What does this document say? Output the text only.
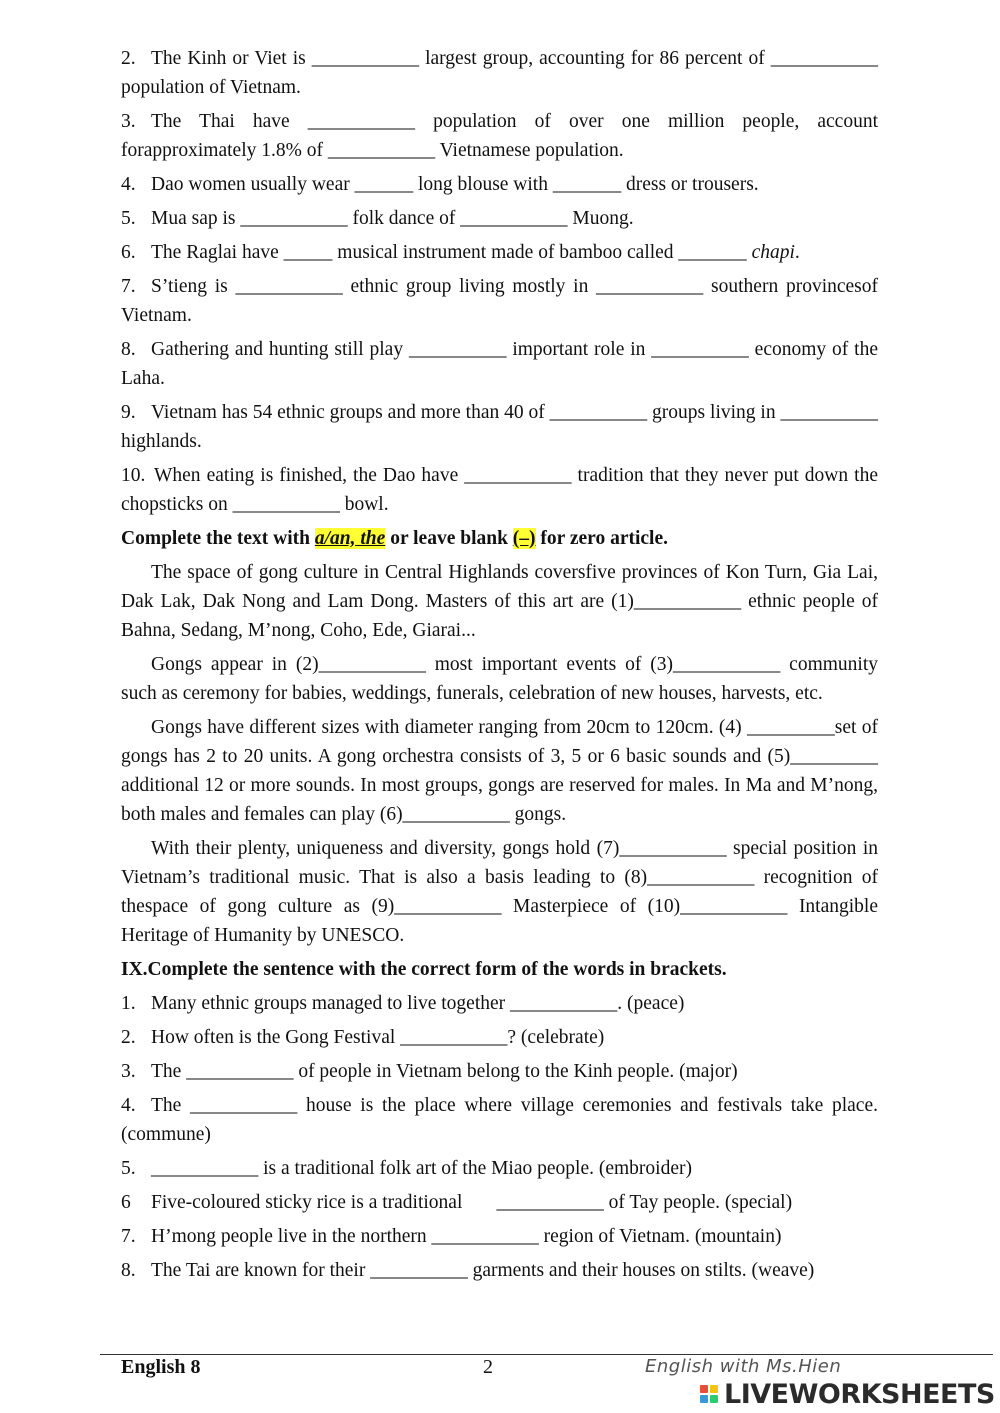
2. The Kinh or Viet is ___________ largest group, accounting for 86 percent of ___________ population of Vietnam.
3. The Thai have ___________ population of over one million people, account forapproximately 1.8% of ___________ Vietnamese population.
4. Dao women usually wear ______ long blouse with _______ dress or trousers.
5. Mua sap is ___________ folk dance of ___________ Muong.
6. The Raglai have _____ musical instrument made of bamboo called _______ chapi.
7. S’tieng is ___________ ethnic group living mostly in ___________ southern provincesof Vietnam.
8. Gathering and hunting still play __________ important role in __________ economy of the Laha.
9. Vietnam has 54 ethnic groups and more than 40 of __________ groups living in __________ highlands.
10. When eating is finished, the Dao have ___________ tradition that they never put down the chopsticks on ___________ bowl.
Complete the text with a/an, the or leave blank (–) for zero article.
The space of gong culture in Central Highlands coversfive provinces of Kon Turn, Gia Lai, Dak Lak, Dak Nong and Lam Dong. Masters of this art are (1)___________ ethnic people of Bahna, Sedang, M’nong, Coho, Ede, Giarai...
Gongs appear in (2)___________ most important events of (3)___________ community such as ceremony for babies, weddings, funerals, celebration of new houses, harvests, etc.
Gongs have different sizes with diameter ranging from 20cm to 120cm. (4) _________set of gongs has 2 to 20 units. A gong orchestra consists of 3, 5 or 6 basic sounds and (5)_________ additional 12 or more sounds. In most groups, gongs are reserved for males. In Ma and M’nong, both males and females can play (6)___________ gongs.
With their plenty, uniqueness and diversity, gongs hold (7)___________ special position in Vietnam’s traditional music. That is also a basis leading to (8)___________ recognition of thespace of gong culture as (9)___________ Masterpiece of (10)___________ Intangible Heritage of Humanity by UNESCO.
IX.Complete the sentence with the correct form of the words in brackets.
1. Many ethnic groups managed to live together ___________. (peace)
2. How often is the Gong Festival ___________? (celebrate)
3. The ___________ of people in Vietnam belong to the Kinh people. (major)
4. The ___________ house is the place where village ceremonies and festivals take place. (commune)
5. ___________ is a traditional folk art of the Miao people. (embroider)
6 Five-coloured sticky rice is a traditional       ___________ of Tay people. (special)
7. H’mong people live in the northern ___________ region of Vietnam. (mountain)
8. The Tai are known for their __________ garments and their houses on stilts. (weave)
English 8	2	English with Ms.Hien
LIVEWORKSHEETS
